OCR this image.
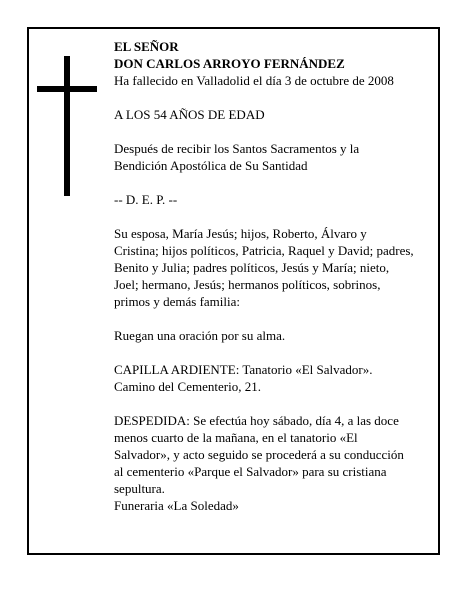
EL SEÑOR

DON CARLOS ARROYO FERNÁNDEZ

Ha fallecido en Valladolid el día 3 de octubre de 2008

A LOS 54 AÑOS DE EDAD

Después de recibir los Santos Sacramentos y la Bendición Apostólica de Su Santidad

-- D. E. P. --

Su esposa, María Jesús; hijos, Roberto, Álvaro y Cristina; hijos políticos, Patricia, Raquel y David; padres, Benito y Julia; padres políticos, Jesús y María; nieto, Joel; hermano, Jesús; hermanos políticos, sobrinos, primos y demás familia:

Ruegan una oración por su alma.

CAPILLA ARDIENTE: Tanatorio «El Salvador». Camino del Cementerio, 21.

DESPEDIDA: Se efectúa hoy sábado, día 4, a las doce menos cuarto de la mañana, en el tanatorio «El Salvador», y acto seguido se procederá a su conducción al cementerio «Parque el Salvador» para su cristiana sepultura.

Funeraria «La Soledad»
